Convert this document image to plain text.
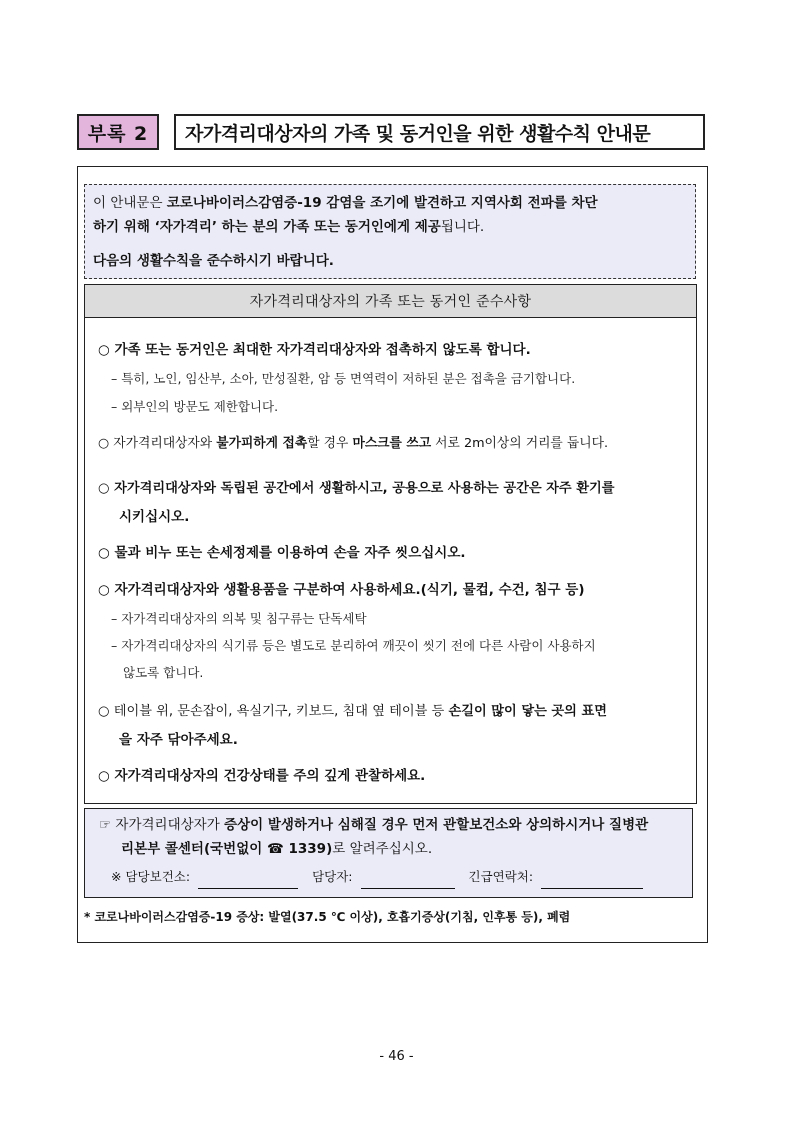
부록 2	자가격리대상자의 가족 및 동거인을 위한 생활수칙 안내문

이 안내문은 코로나바이러스감염증-19 감염을 조기에 발견하고 지역사회 전파를 차단

하기 위해 ‘자가격리’ 하는 분의 가족 또는 동거인에게 제공됩니다.

다음의 생활수칙을 준수하시기 바랍니다.

자가격리대상자의 가족 또는 동거인 준수사항
○ 가족 또는 동거인은 최대한 자가격리대상자와 접촉하지 않도록 합니다.
– 특히, 노인, 임산부, 소아, 만성질환, 암 등 면역력이 저하된 분은 접촉을 금기합니다.
– 외부인의 방문도 제한합니다.
○ 자가격리대상자와 불가피하게 접촉할 경우 마스크를 쓰고 서로 2m이상의 거리를 둡니다.
○ 자가격리대상자와 독립된 공간에서 생활하시고, 공용으로 사용하는 공간은 자주 환기를
시키십시오.
○ 물과 비누 또는 손세정제를 이용하여 손을 자주 씻으십시오.
○ 자가격리대상자와 생활용품을 구분하여 사용하세요.(식기, 물컵, 수건, 침구 등)
– 자가격리대상자의 의복 및 침구류는 단독세탁
– 자가격리대상자의 식기류 등은 별도로 분리하여 깨끗이 씻기 전에 다른 사람이 사용하지
않도록 합니다.
○ 테이블 위, 문손잡이, 욕실기구, 키보드, 침대 옆 테이블 등 손길이 많이 닿는 곳의 표면
을 자주 닦아주세요.
○ 자가격리대상자의 건강상태를 주의 깊게 관찰하세요.
☞ 자가격리대상자가 증상이 발생하거나 심해질 경우 먼저 관할보건소와 상의하시거나 질병관
리본부 콜센터(국번없이 ☎ 1339)로 알려주십시오.
※
담당보건소:	담당자:	긴급연락처:
* 코로나바이러스감염증-19 증상: 발열(37.5 ℃ 이상), 호흡기증상(기침, 인후통 등), 폐렴
- 46 -
